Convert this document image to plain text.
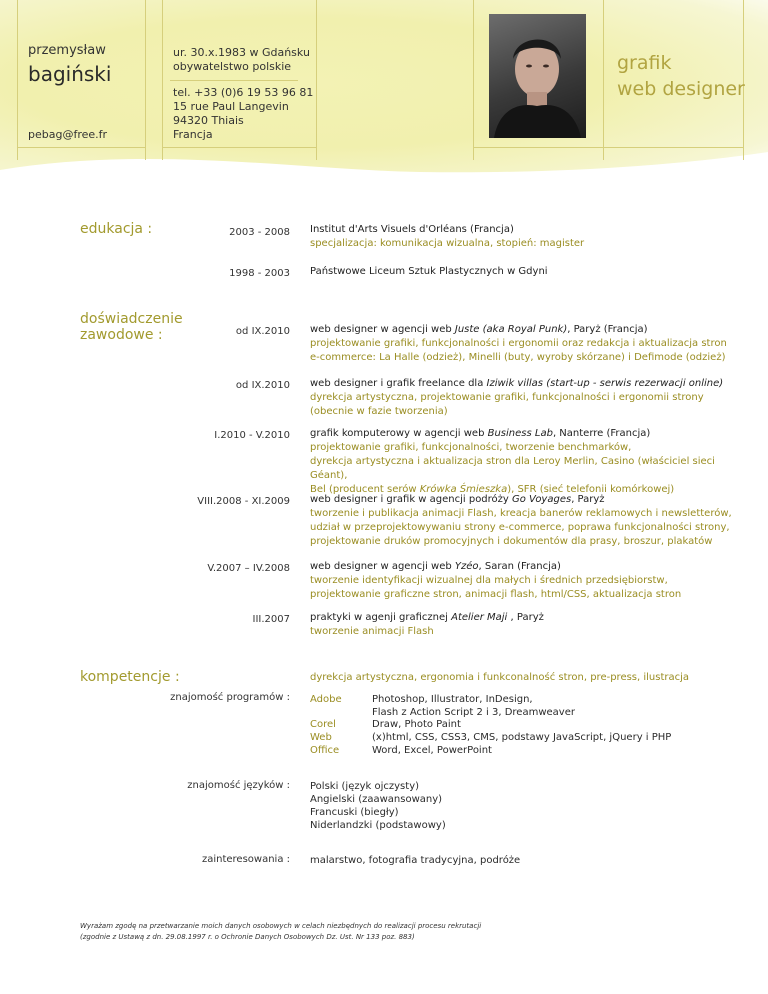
przemysław
bagiński
pebag@free.fr
ur. 30.x.1983 w Gdańsku
obywatelstwo polskie
tel. +33 (0)6 19 53 96 81
15 rue Paul Langevin
94320 Thiais
Francja
grafik
web designer
edukacja :	2003 - 2008 Institut d'Arts Visuels d'Orléans (Francja)
specjalizacja: komunikacja wizualna, stopień: magister
1998 - 2003 Państwowe Liceum Sztuk Plastycznych w Gdyni
doświadczenie
zawodowe :	od IX.2010 web designer w agencji web Juste (aka Royal Punk), Paryż (Francja)
projektowanie grafiki, funkcjonalności i ergonomii oraz redakcja i aktualizacja stron
e-commerce: La Halle (odzież), Minelli (buty, wyroby skórzane) i Defimode (odzież)
od IX.2010 web designer i grafik freelance dla Iziwik villas (start-up - serwis rezerwacji online)
dyrekcja artystyczna, projektowanie grafiki, funkcjonalności i ergonomii strony
(obecnie w fazie tworzenia)
I.2010 - V.2010 grafik komputerowy w agencji web Business Lab, Nanterre (Francja)
projektowanie grafiki, funkcjonalności, tworzenie benchmarków,
dyrekcja artystyczna i aktualizacja stron dla Leroy Merlin, Casino (właściciel sieci Géant),
Bel (producent serów Krówka Śmieszka), SFR (sieć telefonii komórkowej)
VIII.2008 - XI.2009 web designer i grafik w agencji podróży Go Voyages, Paryż
tworzenie i publikacja animacji Flash, kreacja banerów reklamowych i newsletterów,
udział w przeprojektowywaniu strony e-commerce, poprawa funkcjonalności strony,
projektowanie druków promocyjnych i dokumentów dla prasy, broszur, plakatów
V.2007 – IV.2008 web designer w agencji web Yzéo, Saran (Francja)
tworzenie identyfikacji wizualnej dla małych i średnich przedsiębiorstw,
projektowanie graficzne stron, animacji flash, html/CSS, aktualizacja stron
III.2007 praktyki w agenji graficznej Atelier Maji , Paryż
tworzenie animacji Flash
kompetencje :	dyrekcja artystyczna, ergonomia i funkconalność stron, pre-press, ilustracja
znajomość programów : Adobe	Photoshop, Illustrator, InDesign,
Flash z Action Script 2 i 3, Dreamweaver
Corel	Draw, Photo Paint
Web	(x)html, CSS, CSS3, CMS, podstawy JavaScript, jQuery i PHP
Office	Word, Excel, PowerPoint
znajomość języków : Polski (język ojczysty)
Angielski (zaawansowany)
Francuski (biegły)
Niderlandzki (podstawowy)
zainteresowania : malarstwo, fotografia tradycyjna, podróże
Wyrażam zgodę na przetwarzanie moich danych osobowych w celach niezbędnych do realizacji procesu rekrutacji
(zgodnie z Ustawą z dn. 29.08.1997 r. o Ochronie Danych Osobowych Dz. Ust. Nr 133 poz. 883)
